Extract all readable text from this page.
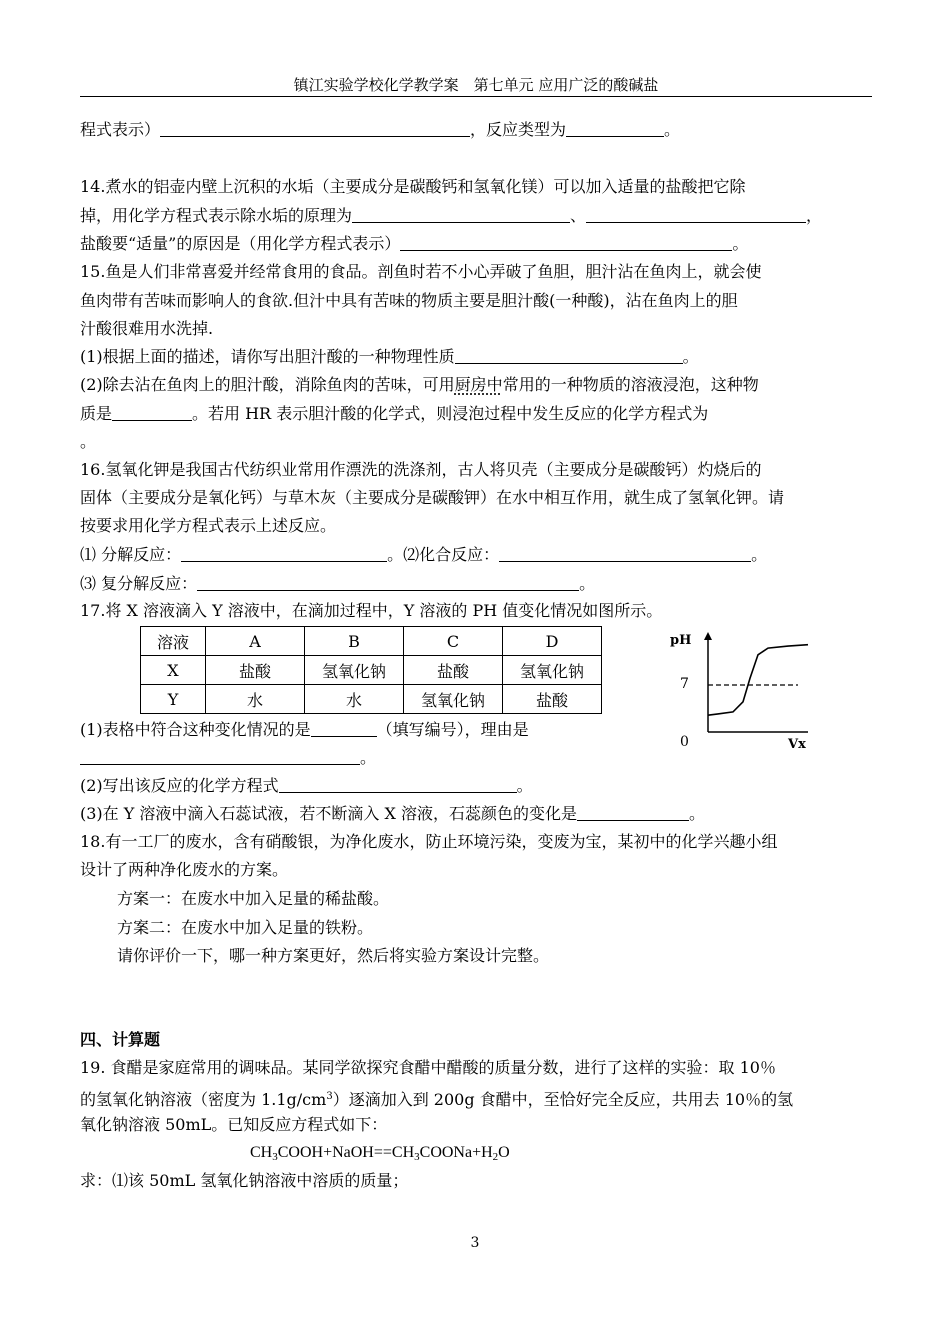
镇江实验学校化学教学案　第七单元 应用广泛的酸碱盐
程式表示）	，反应类型为	。
14.煮水的铝壶内壁上沉积的水垢（主要成分是碳酸钙和氢氧化镁）可以加入适量的盐酸把它除
掉，用化学方程式表示除水垢的原理为	、	，
盐酸要“适量”的原因是（用化学方程式表示）	。
15.鱼是人们非常喜爱并经常食用的食品。剖鱼时若不小心弄破了鱼胆，胆汁沾在鱼肉上，就会使
鱼肉带有苦味而影响人的食欲.但汁中具有苦味的物质主要是胆汁酸(一种酸)，沾在鱼肉上的胆
汁酸很难用水洗掉.
(1)根据上面的描述，请你写出胆汁酸的一种物理性质	。
(2)除去沾在鱼肉上的胆汁酸，消除鱼肉的苦味，可用厨房中常用的一种物质的溶液浸泡，这种物
质是	。若用 HR 表示胆汁酸的化学式，则浸泡过程中发生反应的化学方程式为
。
16.氢氧化钾是我国古代纺织业常用作漂洗的洗涤剂，古人将贝壳（主要成分是碳酸钙）灼烧后的
固体（主要成分是氧化钙）与草木灰（主要成分是碳酸钾）在水中相互作用，就生成了氢氧化钾。请
按要求用化学方程式表示上述反应。
⑴ 分解反应：	。⑵化合反应：	。
⑶ 复分解反应：	。
17.将 X 溶液滴入 Y 溶液中，在滴加过程中，Y 溶液的 PH 值变化情况如图所示。
溶液	A	B	C	D
X	盐酸	氢氧化钠	盐酸	氢氧化钠
Y	水	水	氢氧化钠	盐酸
pH
0	Vx
7
(1)表格中符合这种变化情况的是	（填写编号），理由是
。
(2)写出该反应的化学方程式	。
(3)在 Y 溶液中滴入石蕊试液，若不断滴入 X 溶液，石蕊颜色的变化是	。
18.有一工厂的废水，含有硝酸银，为净化废水，防止环境污染，变废为宝，某初中的化学兴趣小组
设计了两种净化废水的方案。
方案一：在废水中加入足量的稀盐酸。
方案二：在废水中加入足量的铁粉。
请你评价一下，哪一种方案更好，然后将实验方案设计完整。
四、计算题
19. 食醋是家庭常用的调味品。某同学欲探究食醋中醋酸的质量分数，进行了这样的实验：取 10％
的氢氧化钠溶液（密度为 $1.1g/cm^3$）逐滴加入到 200g 食醋中，至恰好完全反应，共用去 10％的氢
氧化钠溶液 50mL。已知反应方程式如下：
$CH_3COOH+NaOH==CH_3COONa+H_2O$
求：⑴该 50mL 氢氧化钠溶液中溶质的质量；
3
